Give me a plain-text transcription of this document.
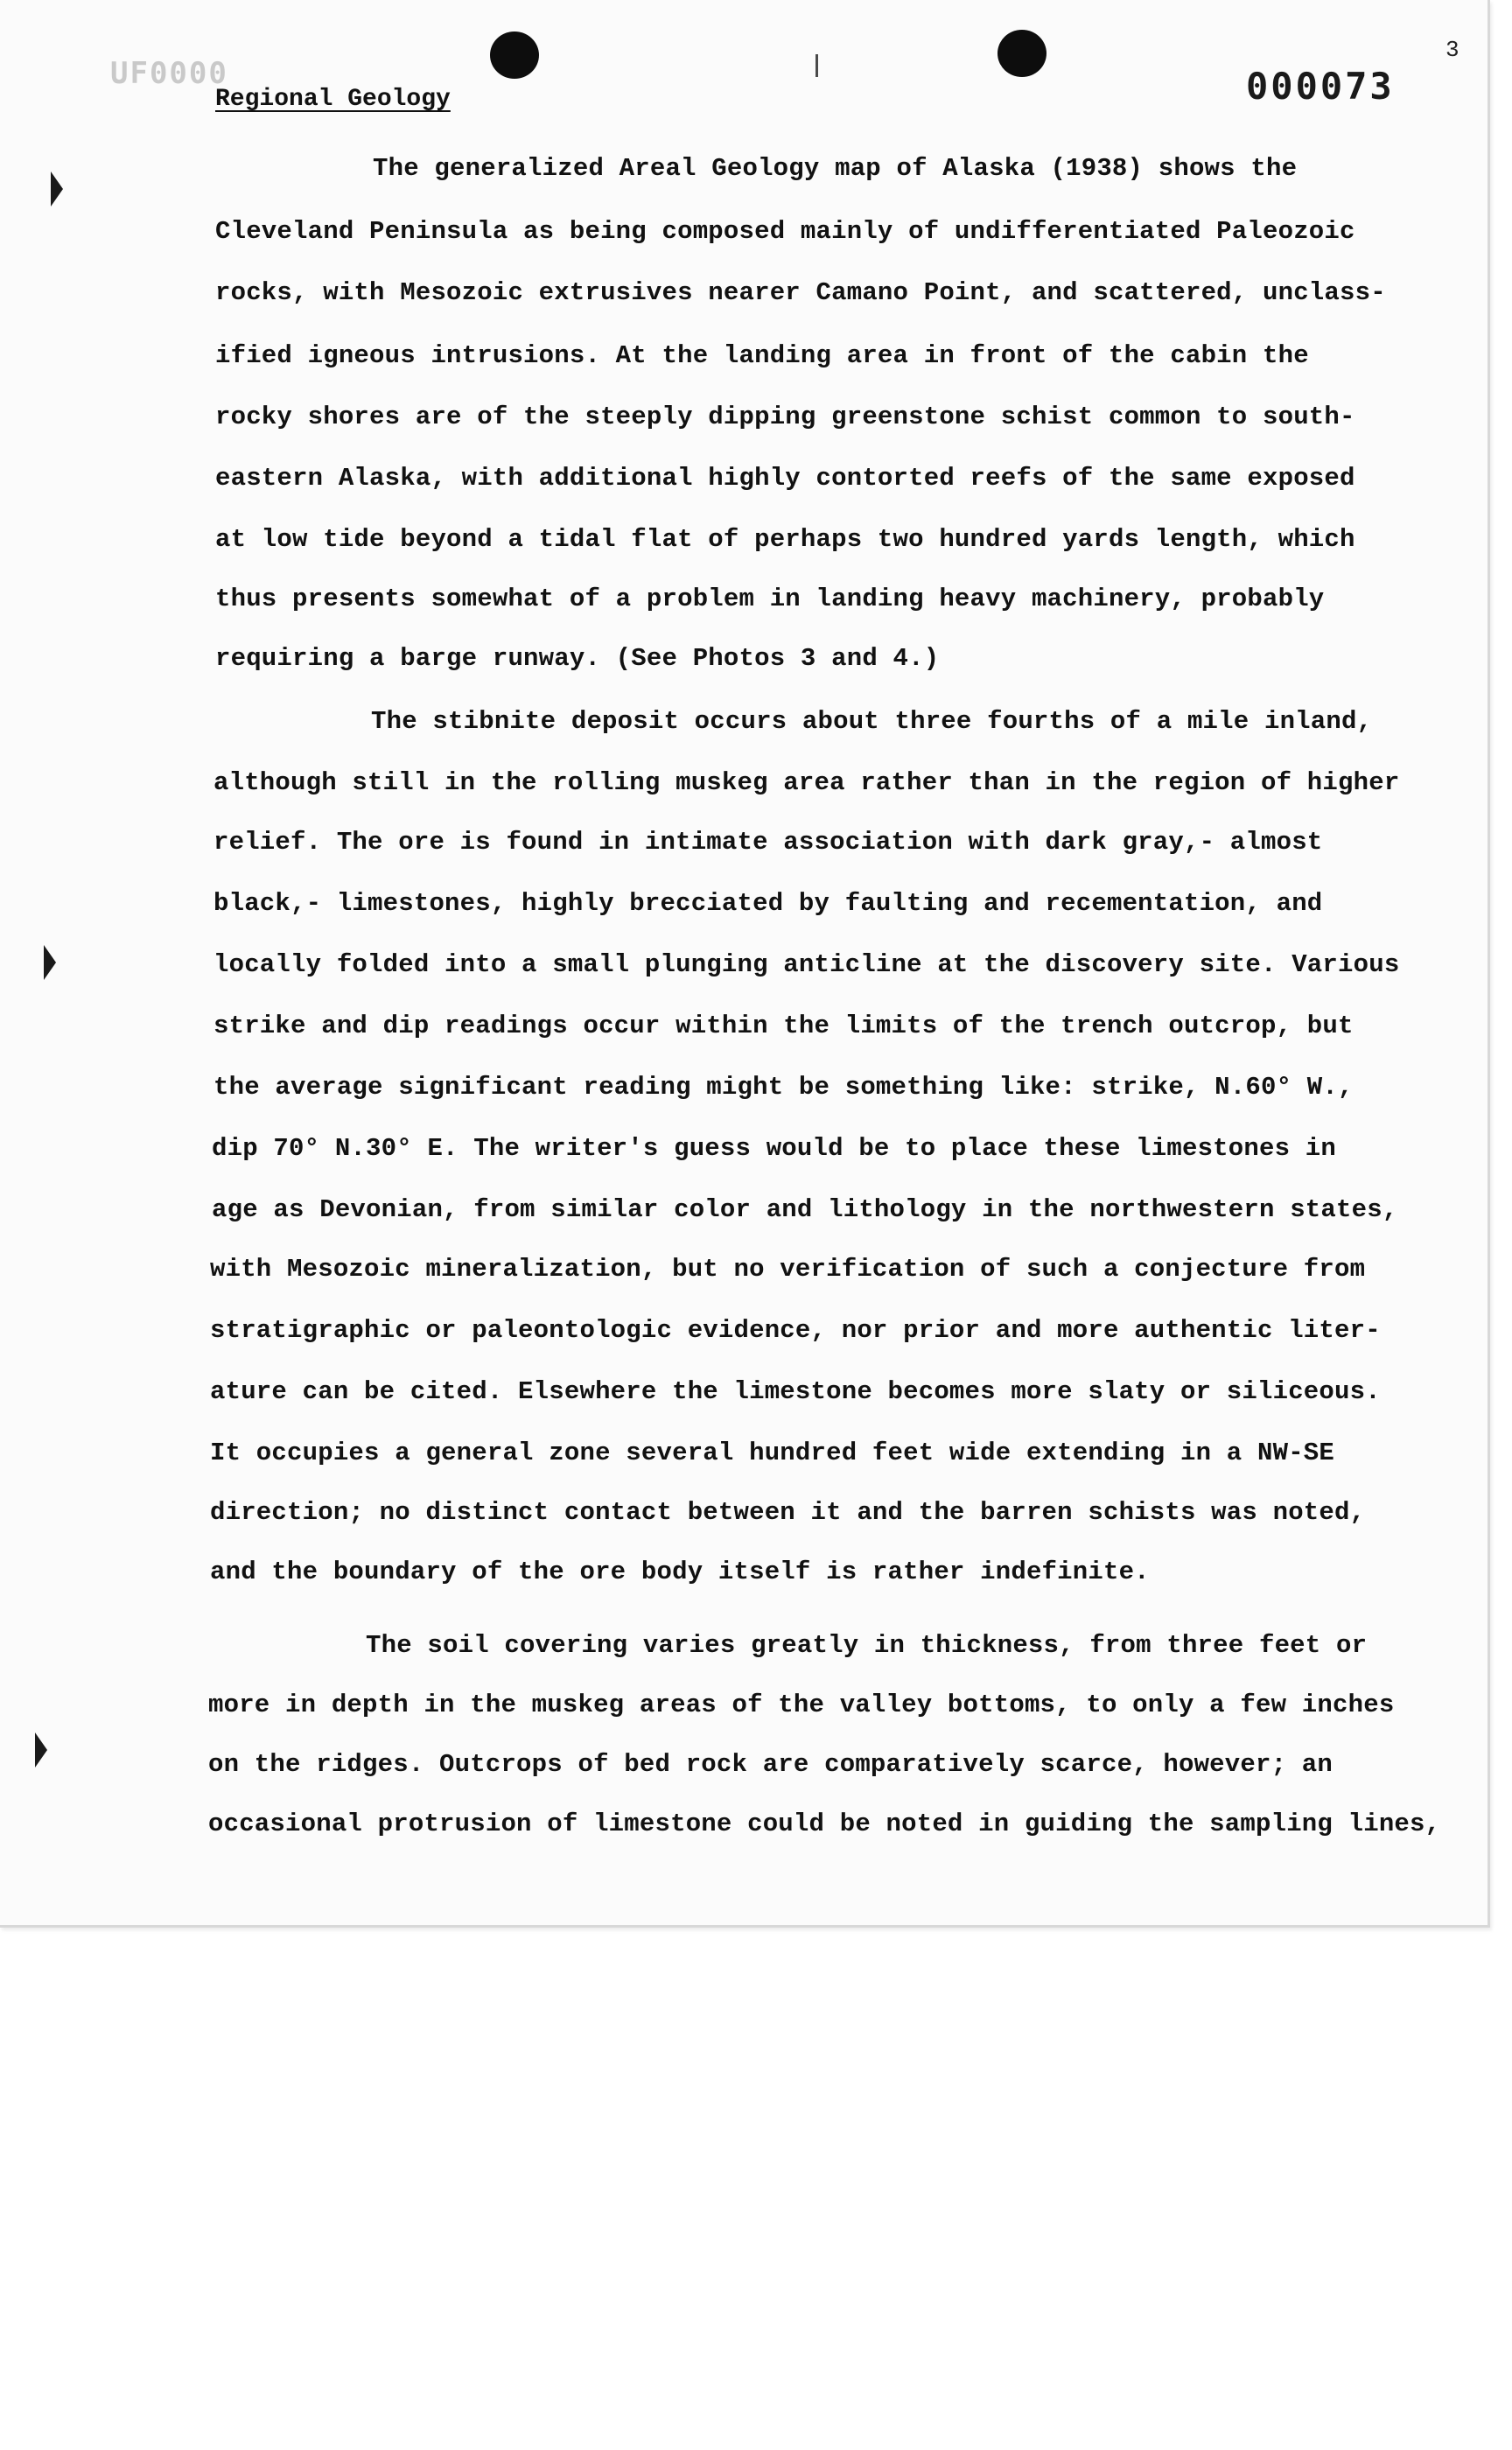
UF0000
3
000073
Regional Geology
The generalized Areal Geology map of Alaska (1938) shows the
Cleveland Peninsula as being composed mainly of undifferentiated Paleozoic
rocks, with Mesozoic extrusives nearer Camano Point, and scattered, unclass-
ified igneous intrusions. At the landing area in front of the cabin the
rocky shores are of the steeply dipping greenstone schist common to south-
eastern Alaska, with additional highly contorted reefs of the same exposed
at low tide beyond a tidal flat of perhaps two hundred yards length, which
thus presents somewhat of a problem in landing heavy machinery, probably
requiring a barge runway. (See Photos 3 and 4.)
The stibnite deposit occurs about three fourths of a mile inland,
although still in the rolling muskeg area rather than in the region of higher
relief. The ore is found in intimate association with dark gray,- almost
black,- limestones, highly brecciated by faulting and recementation, and
locally folded into a small plunging anticline at the discovery site. Various
strike and dip readings occur within the limits of the trench outcrop, but
the average significant reading might be something like: strike, N.60° W.,
dip 70° N.30° E. The writer's guess would be to place these limestones in
age as Devonian, from similar color and lithology in the northwestern states,
with Mesozoic mineralization, but no verification of such a conjecture from
stratigraphic or paleontologic evidence, nor prior and more authentic liter-
ature can be cited. Elsewhere the limestone becomes more slaty or siliceous.
It occupies a general zone several hundred feet wide extending in a NW-SE
direction; no distinct contact between it and the barren schists was noted,
and the boundary of the ore body itself is rather indefinite.
The soil covering varies greatly in thickness, from three feet or
more in depth in the muskeg areas of the valley bottoms, to only a few inches
on the ridges. Outcrops of bed rock are comparatively scarce, however; an
occasional protrusion of limestone could be noted in guiding the sampling lines,
